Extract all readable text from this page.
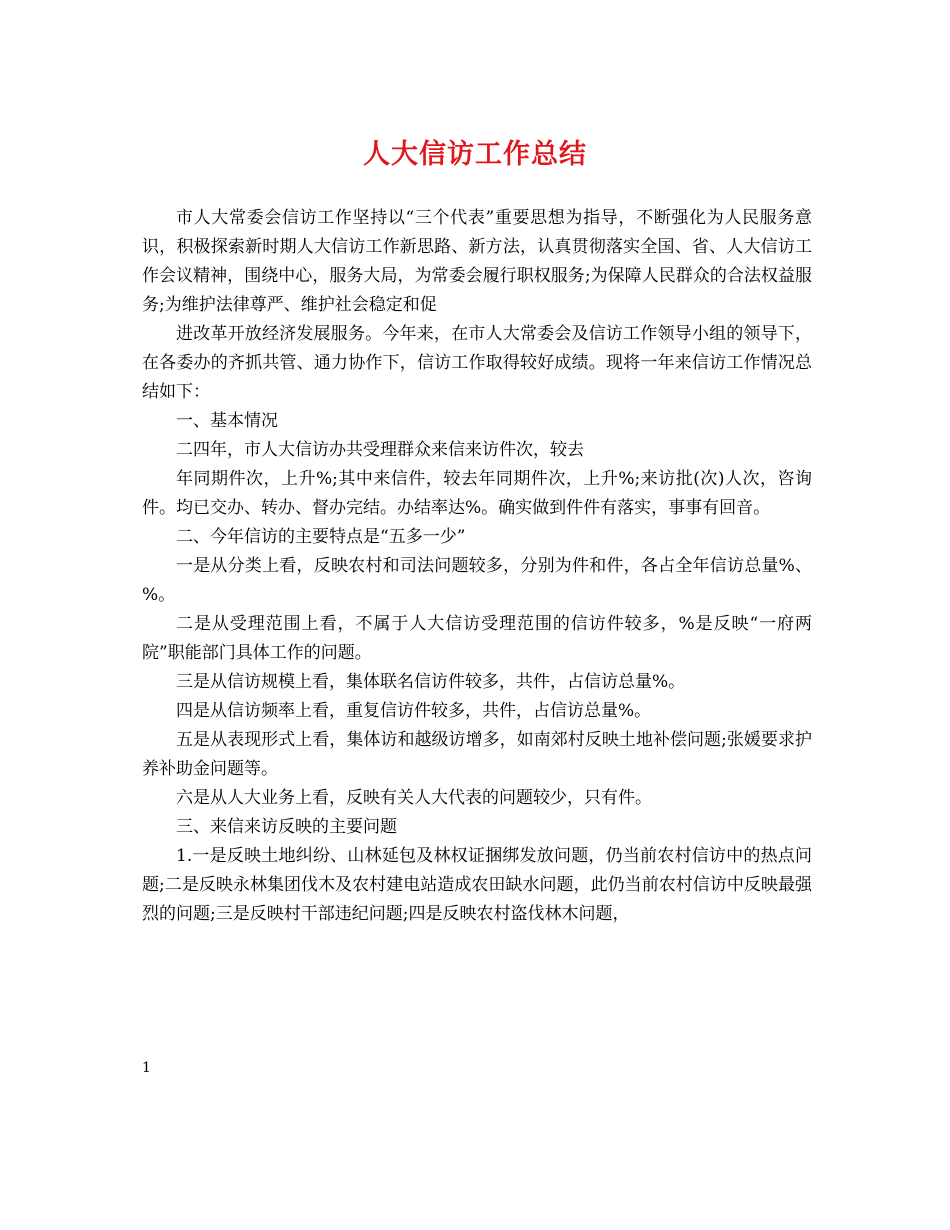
人大信访工作总结

市人大常委会信访工作坚持以“三个代表”重要思想为指导，不断强化为人民服务意识，积极探索新时期人大信访工作新思路、新方法，认真贯彻落实全国、省、人大信访工作会议精神，围绕中心，服务大局，为常委会履行职权服务;为保障人民群众的合法权益服务;为维护法律尊严、维护社会稳定和促

进改革开放经济发展服务。今年来，在市人大常委会及信访工作领导小组的领导下，在各委办的齐抓共管、通力协作下，信访工作取得较好成绩。现将一年来信访工作情况总结如下：

一、基本情况

二四年，市人大信访办共受理群众来信来访件次，较去

年同期件次，上升%;其中来信件，较去年同期件次，上升%;来访批(次)人次，咨询件。均已交办、转办、督办完结。办结率达%。确实做到件件有落实，事事有回音。

二、今年信访的主要特点是“五多一少”

一是从分类上看，反映农村和司法问题较多，分别为件和件，各占全年信访总量%、%。

二是从受理范围上看，不属于人大信访受理范围的信访件较多，%是反映“一府两院”职能部门具体工作的问题。

三是从信访规模上看，集体联名信访件较多，共件，占信访总量%。

四是从信访频率上看，重复信访件较多，共件，占信访总量%。

五是从表现形式上看，集体访和越级访增多，如南郊村反映土地补偿问题;张媛要求护养补助金问题等。

六是从人大业务上看，反映有关人大代表的问题较少，只有件。

三、来信来访反映的主要问题

1.一是反映土地纠纷、山林延包及林权证捆绑发放问题，仍当前农村信访中的热点问题;二是反映永林集团伐木及农村建电站造成农田缺水问题，此仍当前农村信访中反映最强烈的问题;三是反映村干部违纪问题;四是反映农村盗伐林木问题，

1
